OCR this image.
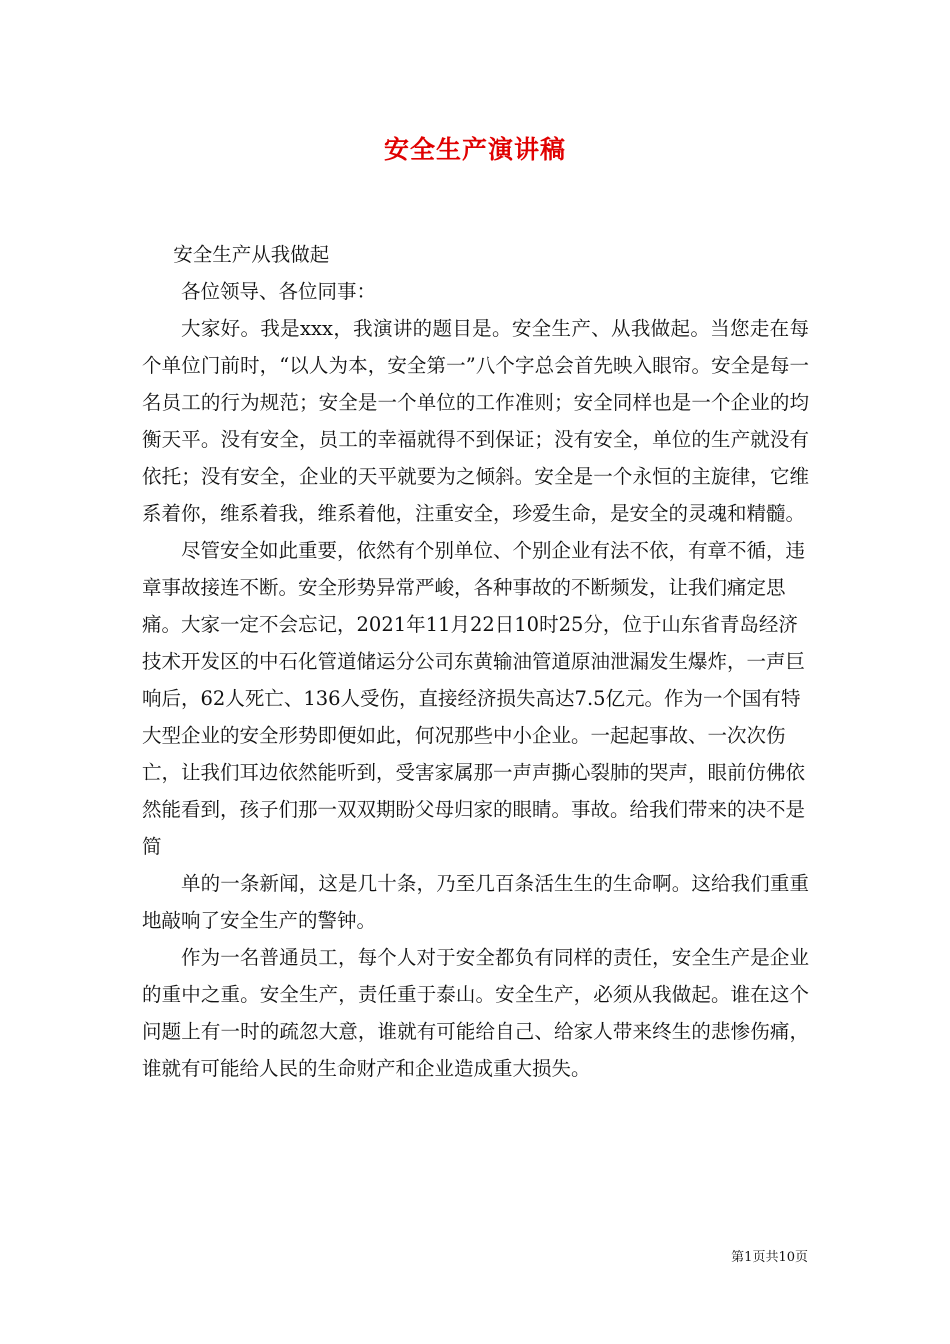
安全生产演讲稿

安全生产从我做起

各位领导、各位同事：

大家好。我是xxx，我演讲的题目是。安全生产、从我做起。当您走在每个单位门前时，“以人为本，安全第一”八个字总会首先映入眼帘。安全是每一名员工的行为规范；安全是一个单位的工作准则；安全同样也是一个企业的均衡天平。没有安全，员工的幸福就得不到保证；没有安全，单位的生产就没有依托；没有安全，企业的天平就要为之倾斜。安全是一个永恒的主旋律，它维系着你，维系着我，维系着他，注重安全，珍爱生命，是安全的灵魂和精髓。

尽管安全如此重要，依然有个别单位、个别企业有法不依，有章不循，违章事故接连不断。安全形势异常严峻，各种事故的不断频发，让我们痛定思痛。大家一定不会忘记，2021年11月22日10时25分，位于山东省青岛经济技术开发区的中石化管道储运分公司东黄输油管道原油泄漏发生爆炸，一声巨响后，62人死亡、136人受伤，直接经济损失高达7.5亿元。作为一个国有特大型企业的安全形势即便如此，何况那些中小企业。一起起事故、一次次伤亡，让我们耳边依然能听到，受害家属那一声声撕心裂肺的哭声，眼前仿佛依然能看到，孩子们那一双双期盼父母归家的眼睛。事故。给我们带来的决不是简

单的一条新闻，这是几十条，乃至几百条活生生的生命啊。这给我们重重地敲响了安全生产的警钟。

作为一名普通员工，每个人对于安全都负有同样的责任，安全生产是企业的重中之重。安全生产，责任重于泰山。安全生产，必须从我做起。谁在这个问题上有一时的疏忽大意，谁就有可能给自己、给家人带来终生的悲惨伤痛，谁就有可能给人民的生命财产和企业造成重大损失。

第1页共10页
